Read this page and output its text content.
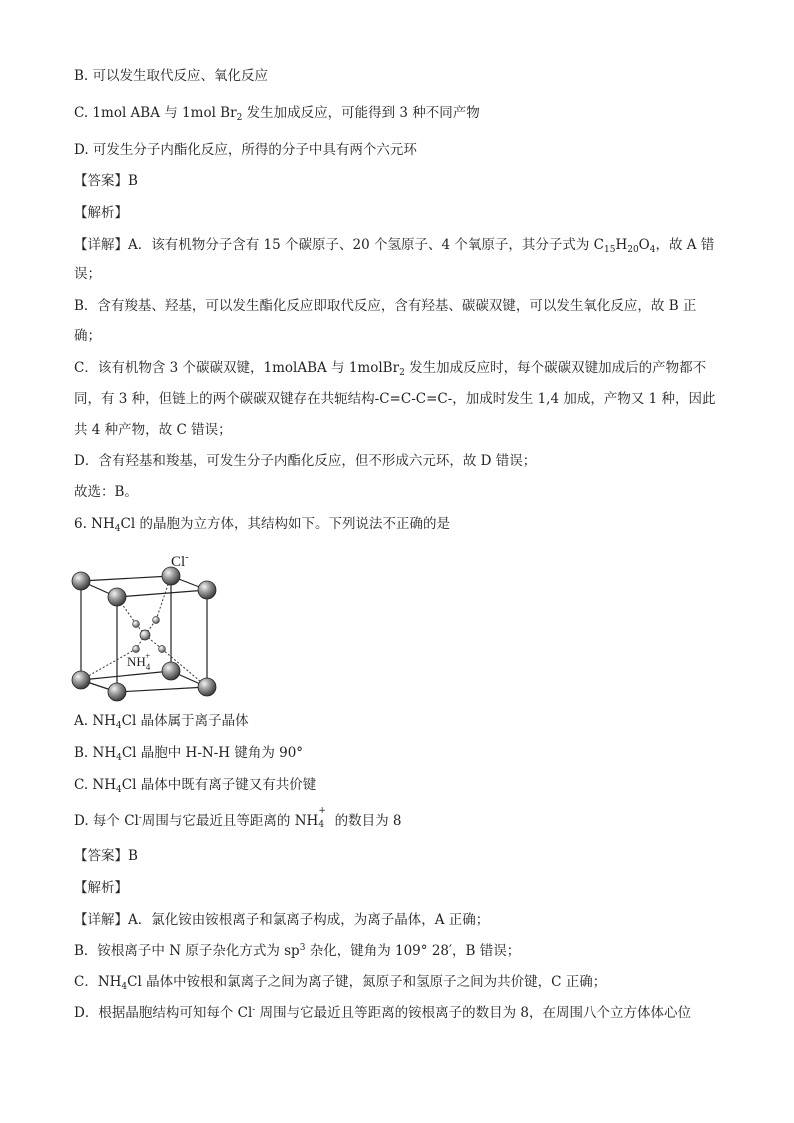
B. 可以发生取代反应、氧化反应
C. 1mol ABA 与 1mol $Br_2$ 发生加成反应，可能得到 3 种不同产物
D. 可发生分子内酯化反应，所得的分子中具有两个六元环
【答案】B
【解析】
【详解】A．该有机物分子含有 15 个碳原子、20 个氢原子、4 个氧原子，其分子式为 $C_{15}H_{20}O_4$，故 A 错
误；
B．含有羧基、羟基，可以发生酯化反应即取代反应，含有羟基、碳碳双键，可以发生氧化反应，故 B 正
确；
C．该有机物含 3 个碳碳双键，1molABA 与 1molBr$_2$ 发生加成反应时，每个碳碳双键加成后的产物都不
同，有 3 种，但链上的两个碳碳双键存在共轭结构-C=C-C=C-，加成时发生 1,4 加成，产物又 1 种，因此
共 4 种产物，故 C 错误；
D．含有羟基和羧基，可发生分子内酯化反应，但不形成六元环，故 D 错误；
故选：B。
6. $NH_4Cl$ 的晶胞为立方体，其结构如下。下列说法不正确的是
Cl-
$NH_4+$
A. $NH_4Cl$ 晶体属于离子晶体
B. $NH_4Cl$ 晶胞中 H-N-H 键角为 90°
C. $NH_4Cl$ 晶体中既有离子键又有共价键
D. 每个 Cl-周围与它最近且等距离的 NH
+
4 的数目为 8
【答案】B
【解析】
【详解】A．氯化铵由铵根离子和氯离子构成，为离子晶体，A 正确；
B．铵根离子中 N 原子杂化方式为 $sp^3$ 杂化，键角为 109° 28′，B 错误；
C．$NH_4Cl$ 晶体中铵根和氯离子之间为离子键，氮原子和氢原子之间为共价键，C 正确；
D．根据晶胞结构可知每个 Cl- 周围与它最近且等距离的铵根离子的数目为 8，在周围八个立方体体心位
